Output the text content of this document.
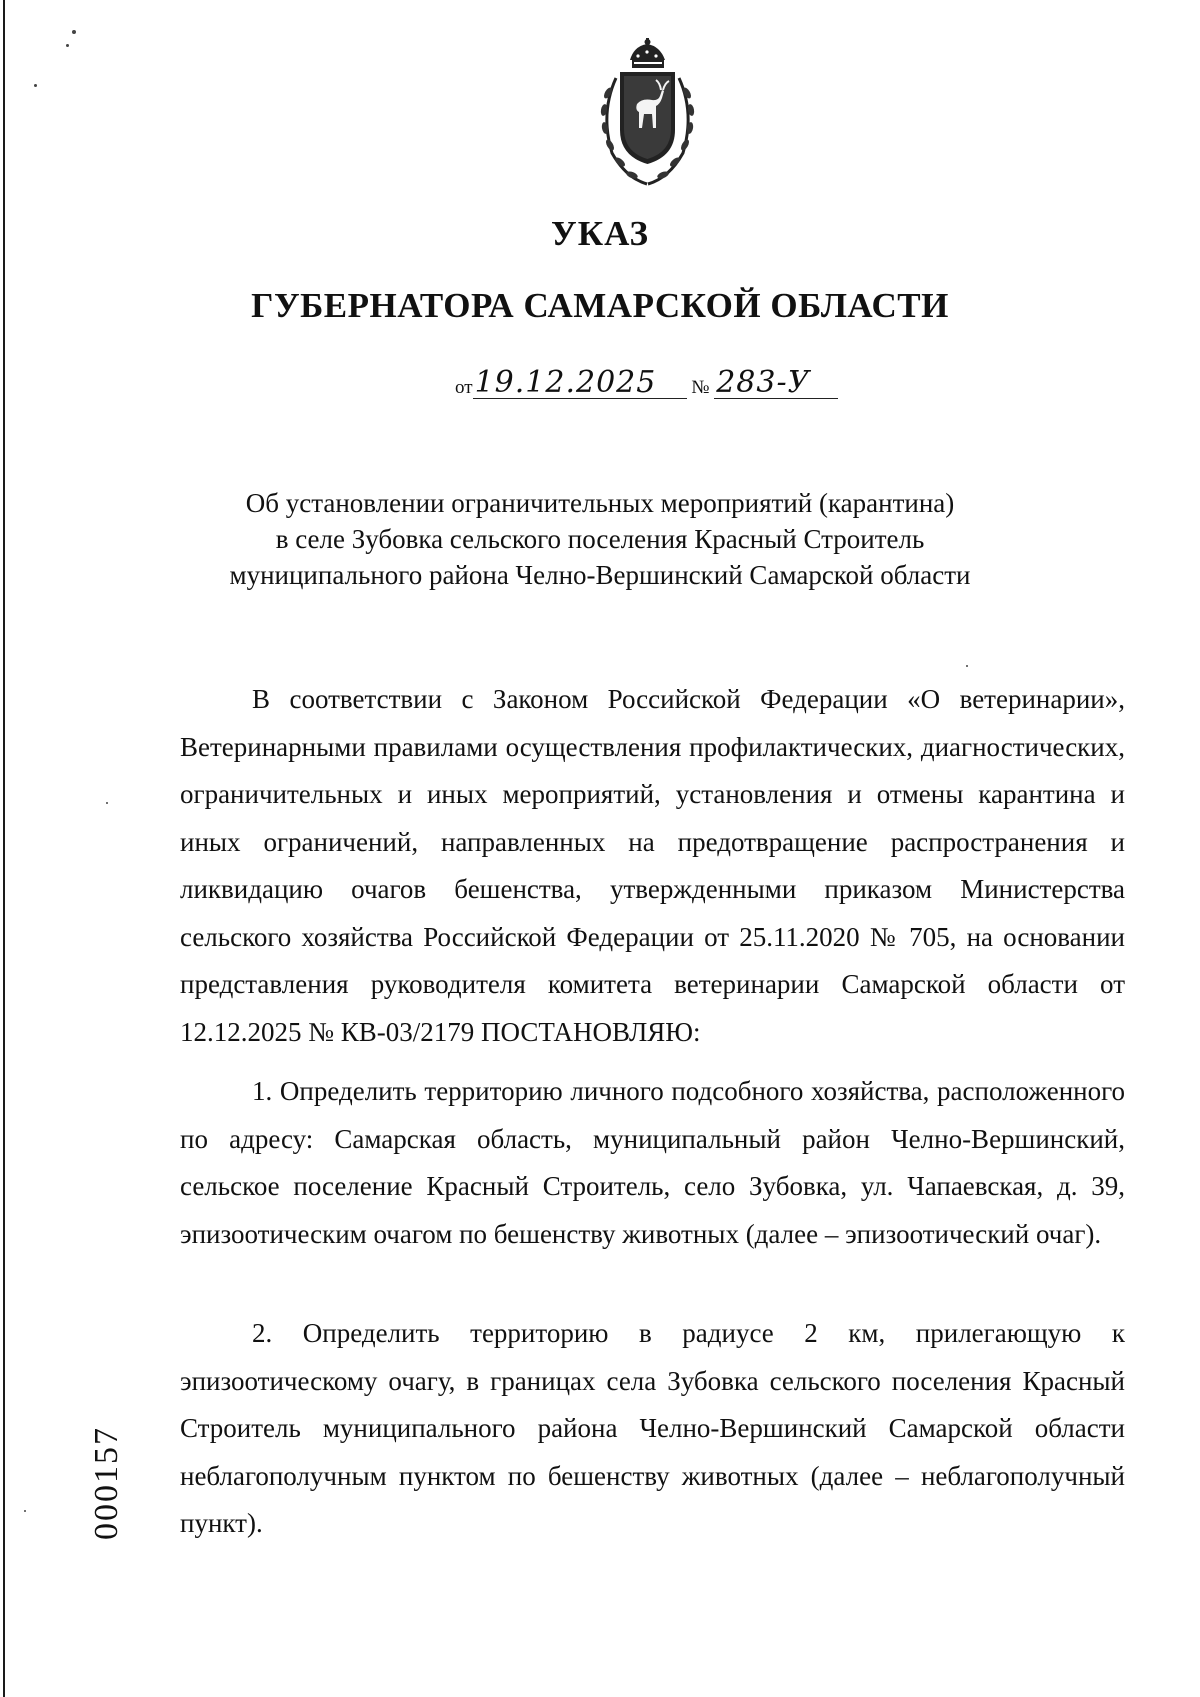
УКАЗ
ГУБЕРНАТОРА САМАРСКОЙ ОБЛАСТИ
от19.12.2025 № 283-У
Об установлении ограничительных мероприятий (карантина)
в селе Зубовка сельского поселения Красный Строитель
муниципального района Челно-Вершинский Самарской области

В соответствии с Законом Российской Федерации «О ветеринарии», Ветеринарными правилами осуществления профилактических, диагностических, ограничительных и иных мероприятий, установления и отмены карантина и иных ограничений, направленных на предотвращение распространения и ликвидацию очагов бешенства, утвержденными приказом Министерства сельского хозяйства Российской Федерации от 25.11.2020 № 705, на основании представления руководителя комитета ветеринарии Самарской области от 12.12.2025 № КВ-03/2179 ПОСТАНОВЛЯЮ:

1. Определить территорию личного подсобного хозяйства, расположенного по адресу: Самарская область, муниципальный район Челно-Вершинский, сельское поселение Красный Строитель, село Зубовка, ул. Чапаевская, д. 39, эпизоотическим очагом по бешенству животных (далее – эпизоотический очаг).

2. Определить территорию в радиусе 2 км, прилегающую к эпизоотическому очагу, в границах села Зубовка сельского поселения Красный Строитель муниципального района Челно-Вершинский Самарской области неблагополучным пунктом по бешенству животных (далее – неблагополучный пункт).

000157
